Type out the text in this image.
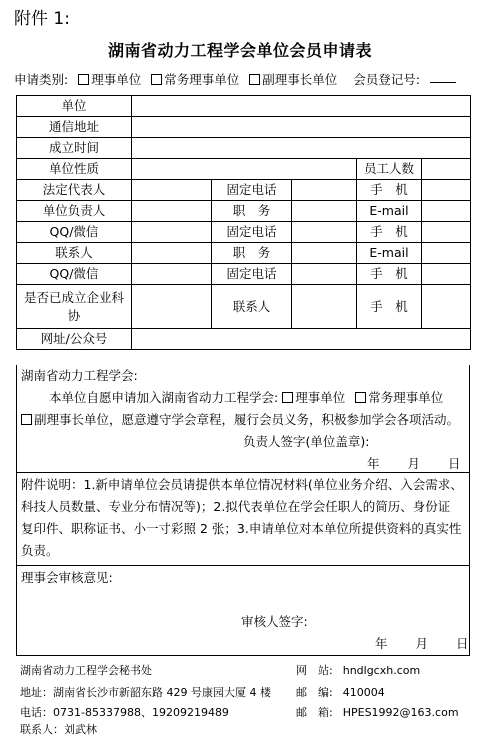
附件 1:
湖南省动力工程学会单位会员申请表
申请类别:	理事单位	常务理事单位	副理事长单位 会员登记号:
单位					
通信地址					
成立时间					
单位性质				员工人数	
法定代表人		固定电话		手　机	
单位负责人		职　务		E-mail	
QQ/微信		固定电话		手　机	
联系人		职　务		E-mail	
QQ/微信		固定电话		手　机	

是否已成立企业科
协		联系人		手　机	
网址/公众号					
湖南省动力工程学会:
本单位自愿申请加入湖南省动力工程学会: 理事单位 常务理事单位
副理事长单位，愿意遵守学会章程，履行会员义务，积极参加学会各项活动。
负责人签字(单位盖章):
年 月 日
附件说明：1.新申请单位会员请提供本单位情况材料(单位业务介绍、入会需求、
科技人员数量、专业分布情况等)；2.拟代表单位在学会任职人的简历、身份证
复印件、职称证书、小一寸彩照 2 张；3.申请单位对本单位所提供资料的真实性
负责。
理事会审核意见:
审核人签字:
年 月 日
湖南省动力工程学会秘书处
地址：湖南省长沙市新韶东路 429 号康园大厦 4 楼
电话：0731-85337988、19209219489
联系人：刘武林
网　站: hndlgcxh.com
邮　编: 410004
邮　箱: HPES1992@163.com
